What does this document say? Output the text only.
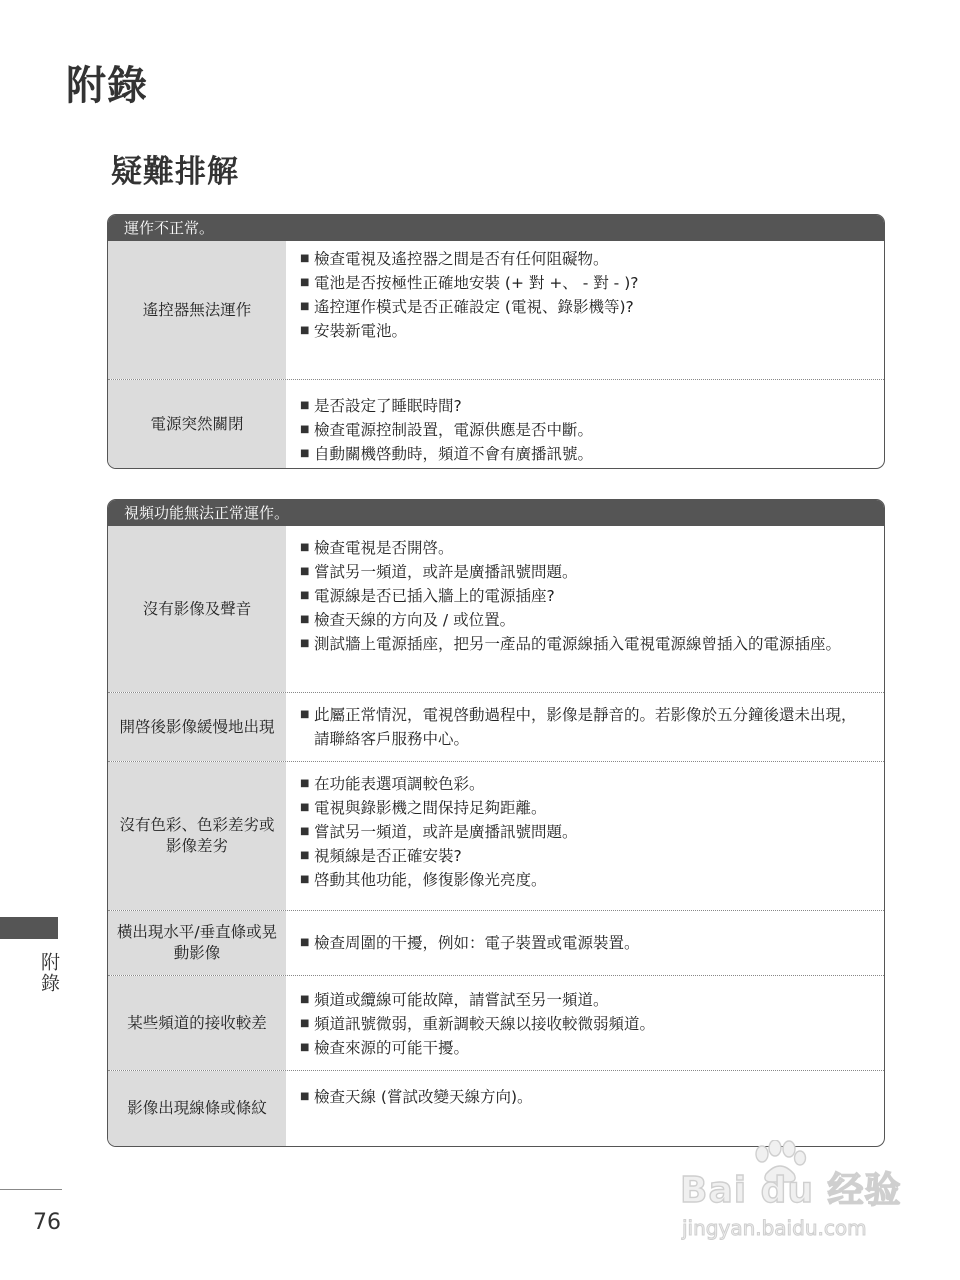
附錄
疑難排解
運作不正常。
遙控器無法運作
■ 檢查電視及遙控器之間是否有任何阻礙物。
■ 電池是否按極性正確地安裝 (+ 對 +、 - 對 - )?
■ 遙控運作模式是否正確設定 (電視、錄影機等)?
■ 安裝新電池。
電源突然關閉
■ 是否設定了睡眠時間?
■ 檢查電源控制設置，電源供應是否中斷。
■ 自動關機啓動時，頻道不會有廣播訊號。
視頻功能無法正常運作。
沒有影像及聲音
■ 檢查電視是否開啓。
■ 嘗試另一頻道，或許是廣播訊號問題。
■ 電源線是否已插入牆上的電源插座?
■ 檢查天線的方向及 / 或位置。
■ 測試牆上電源插座，把另一產品的電源線插入電視電源線曾插入的電源插座。
開啓後影像緩慢地出現
■ 此屬正常情況，電視啓動過程中，影像是靜音的。若影像於五分鐘後還未出現，請聯絡客戶服務中心。
沒有色彩、色彩差劣或影像差劣
■ 在功能表選項調較色彩。
■ 電視與錄影機之間保持足夠距離。
■ 嘗試另一頻道，或許是廣播訊號問題。
■ 視頻線是否正確安裝?
■ 啓動其他功能，修復影像光亮度。
橫出現水平/垂直條或晃動影像
■ 檢查周圍的干擾，例如：電子裝置或電源裝置。
某些頻道的接收較差
■ 頻道或纜線可能故障，請嘗試至另一頻道。
■ 頻道訊號微弱，重新調較天線以接收較微弱頻道。
■ 檢查來源的可能干擾。
影像出現線條或條紋
■ 檢查天線 (嘗試改變天線方向)。
附錄
76
Bai du 经验
jingyan.baidu.com
